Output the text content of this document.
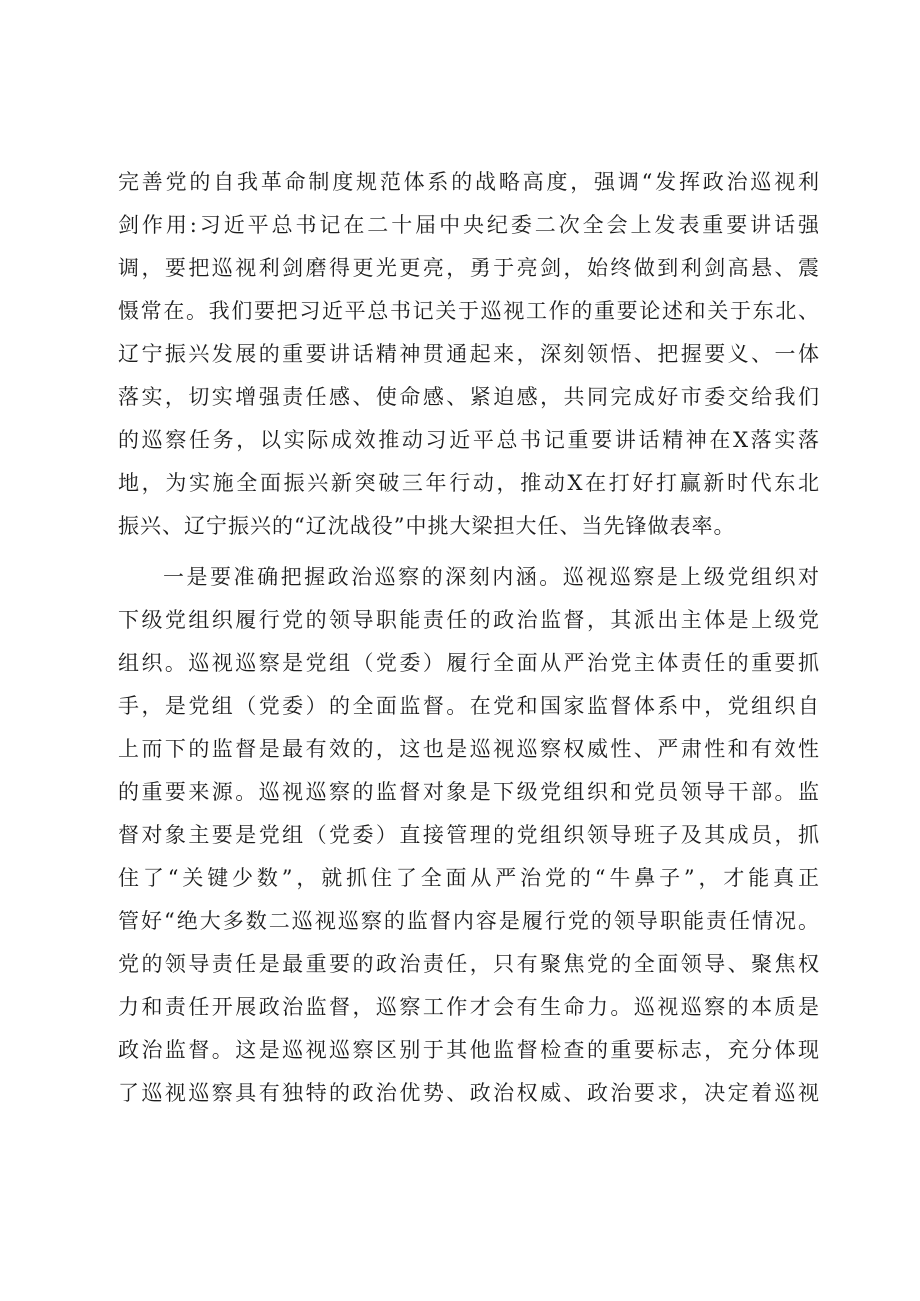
完善党的自我革命制度规范体系的战略高度，强调“发挥政治巡视利
剑作用:习近平总书记在二十届中央纪委二次全会上发表重要讲话强
调，要把巡视利剑磨得更光更亮，勇于亮剑，始终做到利剑高悬、震
慑常在。我们要把习近平总书记关于巡视工作的重要论述和关于东北、
辽宁振兴发展的重要讲话精神贯通起来，深刻领悟、把握要义、一体
落实，切实增强责任感、使命感、紧迫感，共同完成好市委交给我们
的巡察任务，以实际成效推动习近平总书记重要讲话精神在X落实落
地，为实施全面振兴新突破三年行动，推动X在打好打赢新时代东北
振兴、辽宁振兴的“辽沈战役”中挑大梁担大任、当先锋做表率。
一是要准确把握政治巡察的深刻内涵。巡视巡察是上级党组织对
下级党组织履行党的领导职能责任的政治监督，其派出主体是上级党
组织。巡视巡察是党组（党委）履行全面从严治党主体责任的重要抓
手，是党组（党委）的全面监督。在党和国家监督体系中，党组织自
上而下的监督是最有效的，这也是巡视巡察权威性、严肃性和有效性
的重要来源。巡视巡察的监督对象是下级党组织和党员领导干部。监
督对象主要是党组（党委）直接管理的党组织领导班子及其成员，抓
住了“关键少数”，就抓住了全面从严治党的“牛鼻子”，才能真正
管好“绝大多数二巡视巡察的监督内容是履行党的领导职能责任情况。
党的领导责任是最重要的政治责任，只有聚焦党的全面领导、聚焦权
力和责任开展政治监督，巡察工作才会有生命力。巡视巡察的本质是
政治监督。这是巡视巡察区别于其他监督检查的重要标志，充分体现
了巡视巡察具有独特的政治优势、政治权威、政治要求，决定着巡视
